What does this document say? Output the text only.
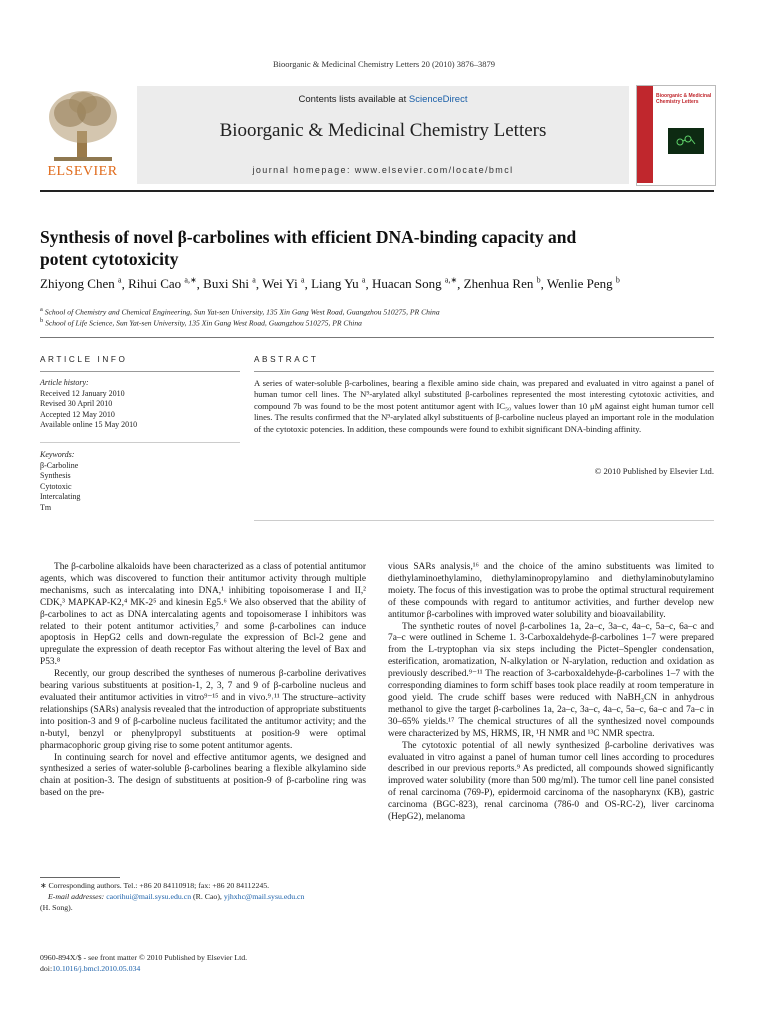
Bioorganic & Medicinal Chemistry Letters 20 (2010) 3876–3879
ELSEVIER
Contents lists available at ScienceDirect
Bioorganic & Medicinal Chemistry Letters
journal homepage: www.elsevier.com/locate/bmcl
Bioorganic & Medicinal Chemistry Letters
Synthesis of novel β-carbolines with efficient DNA-binding capacity and
potent cytotoxicity
Zhiyong Chen $^a$, Rihui Cao $^{a,∗}$, Buxi Shi $^a$, Wei Yi $^a$, Liang Yu $^a$, Huacan Song $^{a,∗}$, Zhenhua Ren $^b$, Wenlie Peng $^b$
$^a$ School of Chemistry and Chemical Engineering, Sun Yat-sen University, 135 Xin Gang West Road, Guangzhou 510275, PR China
$^b$ School of Life Science, Sun Yat-sen University, 135 Xin Gang West Road, Guangzhou 510275, PR China
ARTICLE INFO
Article history:
Received 12 January 2010
Revised 30 April 2010
Accepted 12 May 2010
Available online 15 May 2010
Keywords:
β-Carboline
Synthesis
Cytotoxic
Intercalating
Tm
ABSTRACT
A series of water-soluble β-carbolines, bearing a flexible amino side chain, was prepared and evaluated in vitro against a panel of human tumor cell lines. The N⁹-arylated alkyl substituted β-carbolines represented the most interesting cytotoxic activities, and compound 7b was found to be the most potent antitumor agent with IC₅₀ values lower than 10 μM against eight human tumor cell lines. The results confirmed that the N⁹-arylated alkyl substituents of β-carboline nucleus played an important role in the modulation of the cytotoxic potencies. In addition, these compounds were found to exhibit significant DNA-binding affinity.
© 2010 Published by Elsevier Ltd.

The β-carboline alkaloids have been characterized as a class of potential antitumor agents, which was discovered to function their antitumor activity through multiple mechanisms, such as intercalating into DNA,¹ inhibiting topoisomerase I and II,² CDK,³ MAPKAP-K2,⁴ MK-2⁵ and kinesin Eg5.⁶ We also observed that the ability of β-carbolines to act as DNA intercalating agents and topoisomerase I inhibitors was related to their potent antitumor activities,⁷ and some β-carbolines can induce apoptosis in HepG2 cells and down-regulate the expression of Bcl-2 gene and upregulate the expression of death receptor Fas without altering the level of Bax and P53.⁸

Recently, our group described the syntheses of numerous β-carboline derivatives bearing various substituents at position-1, 2, 3, 7 and 9 of β-carboline nucleus and evaluated their antitumor activities in vitro⁹⁻¹⁵ and in vivo.⁹˒¹¹ The structure–activity relationships (SARs) analysis revealed that the introduction of appropriate substituents into position-3 and 9 of β-carboline nucleus facilitated the antitumor activity; and the n-butyl, benzyl or phenylpropyl substituents at position-9 were optimal pharmacophoric group giving rise to some potent antitumor agents.

In continuing search for novel and effective antitumor agents, we designed and synthesized a series of water-soluble β-carbolines bearing a flexible alkylamino side chain at position-3. The design of substituents at position-9 of β-carboline ring was based on the pre-

vious SARs analysis,¹⁶ and the choice of the amino substituents was limited to diethylaminoethylamino, diethylaminopropylamino and diethylaminobutylamino moiety. The focus of this investigation was to probe the optimal structural requirement of these compounds with regard to antitumor activities, and further develop new antitumor β-carbolines with improved water solubility and bioavailability.

The synthetic routes of novel β-carbolines 1a, 2a–c, 3a–c, 4a–c, 5a–c, 6a–c and 7a–c were outlined in Scheme 1. 3-Carboxaldehyde-β-carbolines 1–7 were prepared from the L-tryptophan via six steps including the Pictet–Spengler condensation, esterification, aromatization, N-alkylation or N-arylation, reduction and oxidation as previously described.⁹⁻¹¹ The reaction of 3-carboxaldehyde-β-carbolines 1–7 with the corresponding diamines to form schiff bases took place readily at room temperature in good yield. The crude schiff bases were reduced with NaBH₃CN in anhydrous methanol to give the target β-carbolines 1a, 2a–c, 3a–c, 4a–c, 5a–c, 6a–c and 7a–c in 30–65% yields.¹⁷ The chemical structures of all the synthesized novel compounds were characterized by MS, HRMS, IR, ¹H NMR and ¹³C NMR spectra.

The cytotoxic potential of all newly synthesized β-carboline derivatives was evaluated in vitro against a panel of human tumor cell lines according to procedures described in our previous reports.⁹ As predicted, all compounds showed significantly improved water solubility (more than 500 mg/ml). The tumor cell line panel consisted of renal carcinoma (769-P), epidermoid carcinoma of the nasopharynx (KB), gastric carcinoma (BGC-823), renal carcinoma (786-0 and OS-RC-2), liver carcinoma (HepG2), melanoma

∗ Corresponding authors. Tel.: +86 20 84110918; fax: +86 20 84112245.
E-mail addresses: caorihui@mail.sysu.edu.cn (R. Cao), yjhxhc@mail.sysu.edu.cn
(H. Song).
0960-894X/$ - see front matter © 2010 Published by Elsevier Ltd.
doi:10.1016/j.bmcl.2010.05.034
